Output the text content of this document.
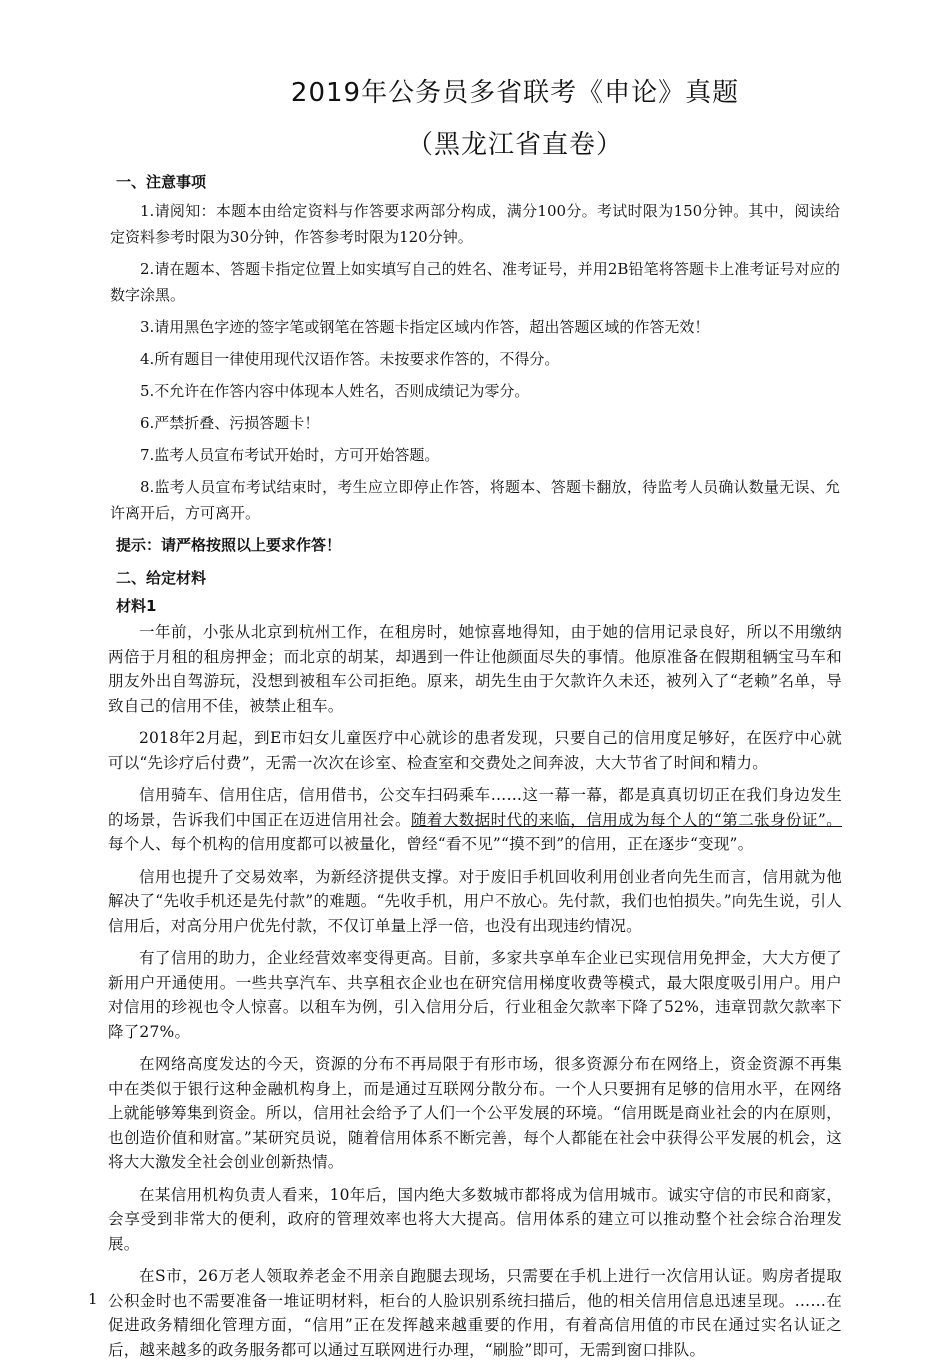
2019年公务员多省联考《申论》真题
（黑龙江省直卷）
一、注意事项

1.请阅知：本题本由给定资料与作答要求两部分构成，满分100分。考试时限为150分钟。其中，阅读给定资料参考时限为30分钟，作答参考时限为120分钟。

2.请在题本、答题卡指定位置上如实填写自己的姓名、准考证号，并用2B铅笔将答题卡上准考证号对应的数字涂黑。

3.请用黑色字迹的签字笔或钢笔在答题卡指定区域内作答，超出答题区域的作答无效！

4.所有题目一律使用现代汉语作答。未按要求作答的，不得分。

5.不允许在作答内容中体现本人姓名，否则成绩记为零分。

6.严禁折叠、污损答题卡！

7.监考人员宣布考试开始时，方可开始答题。

8.监考人员宣布考试结束时，考生应立即停止作答，将题本、答题卡翻放，待监考人员确认数量无误、允许离开后，方可离开。

提示：请严格按照以上要求作答！
二、给定材料
材料1

一年前，小张从北京到杭州工作，在租房时，她惊喜地得知，由于她的信用记录良好，所以不用缴纳两倍于月租的租房押金；而北京的胡某，却遇到一件让他颜面尽失的事情。他原准备在假期租辆宝马车和朋友外出自驾游玩，没想到被租车公司拒绝。原来，胡先生由于欠款许久未还，被列入了“老赖”名单，导致自己的信用不佳，被禁止租车。

2018年2月起，到E市妇女儿童医疗中心就诊的患者发现，只要自己的信用度足够好，在医疗中心就可以“先诊疗后付费”，无需一次次在诊室、检查室和交费处之间奔波，大大节省了时间和精力。

信用骑车、信用住店，信用借书，公交车扫码乘车……这一幕一幕，都是真真切切正在我们身边发生的场景，告诉我们中国正在迈进信用社会。随着大数据时代的来临，信用成为每个人的“第二张身份证”。每个人、每个机构的信用度都可以被量化，曾经“看不见”“摸不到”的信用，正在逐步“变现”。

信用也提升了交易效率，为新经济提供支撑。对于废旧手机回收利用创业者向先生而言，信用就为他解决了“先收手机还是先付款”的难题。“先收手机，用户不放心。先付款，我们也怕损失。”向先生说，引人信用后，对高分用户优先付款，不仅订单量上浮一倍，也没有出现违约情况。

有了信用的助力，企业经营效率变得更高。目前，多家共享单车企业已实现信用免押金，大大方便了新用户开通使用。一些共享汽车、共享租衣企业也在研究信用梯度收费等模式，最大限度吸引用户。用户对信用的珍视也令人惊喜。以租车为例，引入信用分后，行业租金欠款率下降了52%，违章罚款欠款率下降了27%。

在网络高度发达的今天，资源的分布不再局限于有形市场，很多资源分布在网络上，资金资源不再集中在类似于银行这种金融机构身上，而是通过互联网分散分布。一个人只要拥有足够的信用水平，在网络上就能够筹集到资金。所以，信用社会给予了人们一个公平发展的环境。“信用既是商业社会的内在原则，也创造价值和财富。”某研究员说，随着信用体系不断完善，每个人都能在社会中获得公平发展的机会，这将大大激发全社会创业创新热情。

在某信用机构负责人看来，10年后，国内绝大多数城市都将成为信用城市。诚实守信的市民和商家，会享受到非常大的便利，政府的管理效率也将大大提高。信用体系的建立可以推动整个社会综合治理发展。

在S市，26万老人领取养老金不用亲自跑腿去现场，只需要在手机上进行一次信用认证。购房者提取公积金时也不需要准备一堆证明材料，柜台的人脸识别系统扫描后，他的相关信用信息迅速呈现。……在促进政务精细化管理方面，“信用”正在发挥越来越重要的作用，有着高信用值的市民在通过实名认证之后，越来越多的政务服务都可以通过互联网进行办理，“刷脸”即可，无需到窗口排队。

1
